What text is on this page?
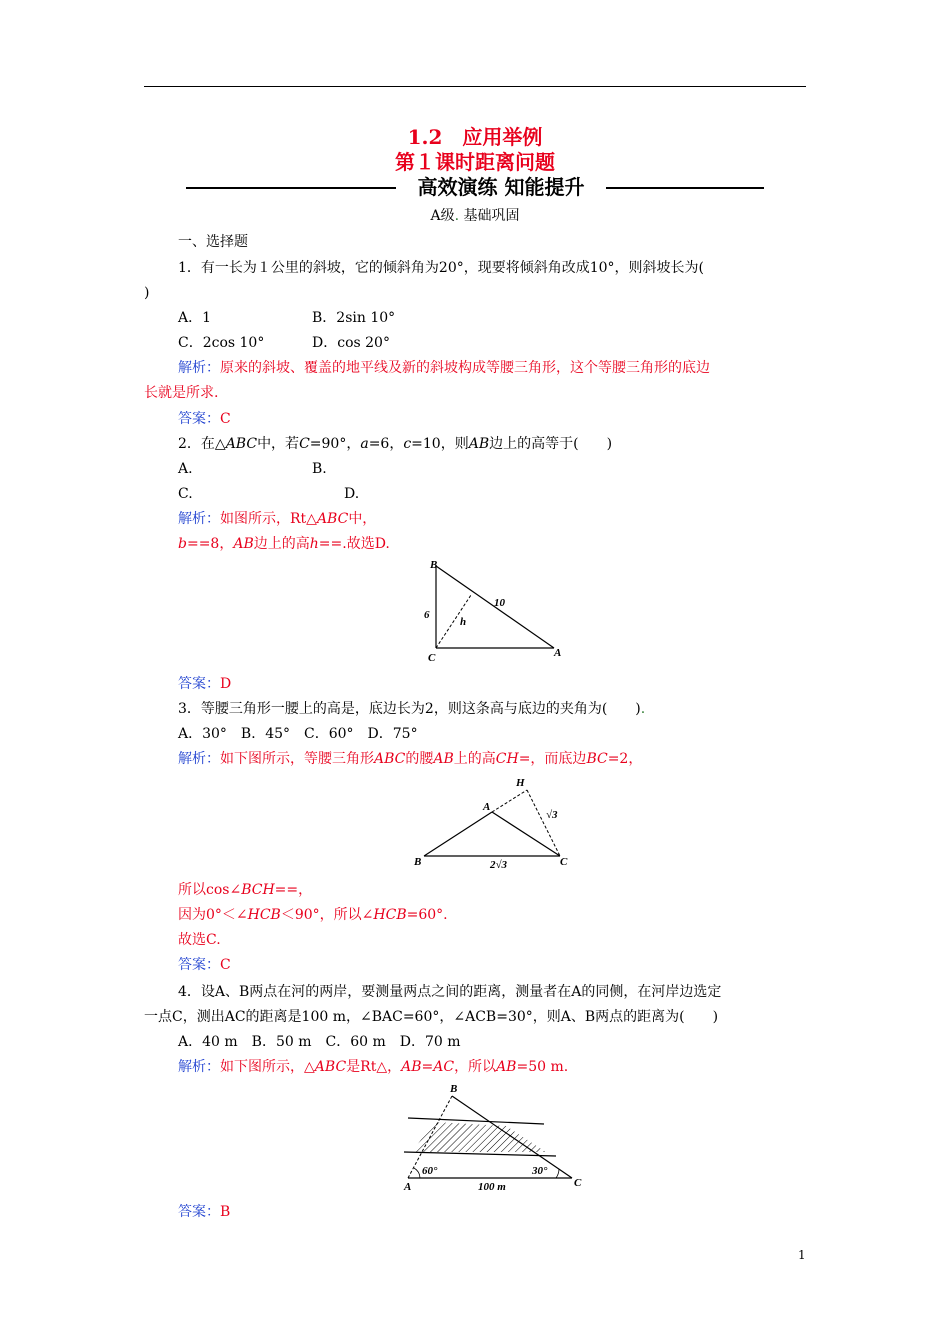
1.2　应用举例
第１课时距离问题
高效演练 知能提升
A级. 基础巩固
一、选择题
1．有一长为１公里的斜坡，它的倾斜角为20°，现要将倾斜角改成10°，则斜坡长为(
)
A．1	B．2sin 10°
C．2cos 10°	D．cos 20°
解析：原来的斜坡、覆盖的地平线及新的斜坡构成等腰三角形，这个等腰三角形的底边
长就是所求.
答案：C
2．在△ABC中，若C=90°，a=6，c=10，则AB边上的高等于(　　)
A.	B.
C.	D.
解析：如图所示，Rt△ABC中，
b==8，AB边上的高h==.故选D.
B
C	A
6
10
h
答案：D
3．等腰三角形一腰上的高是，底边长为2，则这条高与底边的夹角为(　　).
A．30°　B．45°　C．60°　D．75°
解析：如下图所示，等腰三角形ABC的腰AB上的高CH=，而底边BC=2，
H
A
B	C
√3
2√3
所以cos∠BCH==，
因为0°＜∠HCB＜90°，所以∠HCB=60°.
故选C.
答案：C
4．设A、B两点在河的两岸，要测量两点之间的距离，测量者在A的同侧，在河岸边选定
一点C，测出AC的距离是100 m，∠BAC=60°，∠ACB=30°，则A、B两点的距离为(　　)
A．40 m　B．50 m　C．60 m　D．70 m
解析：如下图所示，△ABC是Rt△，AB=AC，所以AB=50 m.
B
A	C
60°	30°
100 m
答案：B
1
